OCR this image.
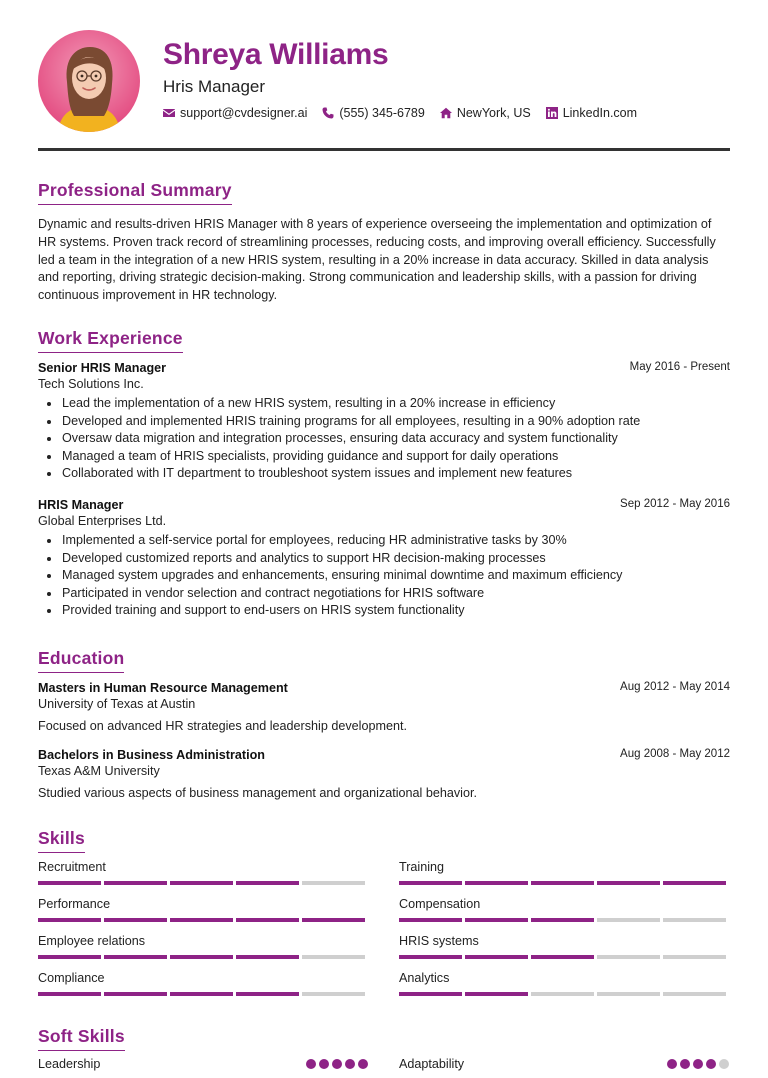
Shreya Williams
Hris Manager
support@cvdesigner.ai	(555) 345-6789	NewYork, US	LinkedIn.com
Professional Summary
Dynamic and results-driven HRIS Manager with 8 years of experience overseeing the implementation and optimization of HR systems. Proven track record of streamlining processes, reducing costs, and improving overall efficiency. Successfully led a team in the integration of a new HRIS system, resulting in a 20% increase in data accuracy. Skilled in data analysis and reporting, driving strategic decision-making. Strong communication and leadership skills, with a passion for driving continuous improvement in HR technology.
Work Experience
Senior HRIS Manager	May 2016 - Present
Tech Solutions Inc.
Lead the implementation of a new HRIS system, resulting in a 20% increase in efficiency
Developed and implemented HRIS training programs for all employees, resulting in a 90% adoption rate
Oversaw data migration and integration processes, ensuring data accuracy and system functionality
Managed a team of HRIS specialists, providing guidance and support for daily operations
Collaborated with IT department to troubleshoot system issues and implement new features
HRIS Manager	Sep 2012 - May 2016
Global Enterprises Ltd.
Implemented a self-service portal for employees, reducing HR administrative tasks by 30%
Developed customized reports and analytics to support HR decision-making processes
Managed system upgrades and enhancements, ensuring minimal downtime and maximum efficiency
Participated in vendor selection and contract negotiations for HRIS software
Provided training and support to end-users on HRIS system functionality
Education
Masters in Human Resource Management	Aug 2012 - May 2014
University of Texas at Austin
Focused on advanced HR strategies and leadership development.
Bachelors in Business Administration	Aug 2008 - May 2012
Texas A&M University
Studied various aspects of business management and organizational behavior.
Skills
Recruitment	Training
Performance	Compensation
Employee relations	HRIS systems
Compliance	Analytics
Soft Skills
Leadership	Adaptability
